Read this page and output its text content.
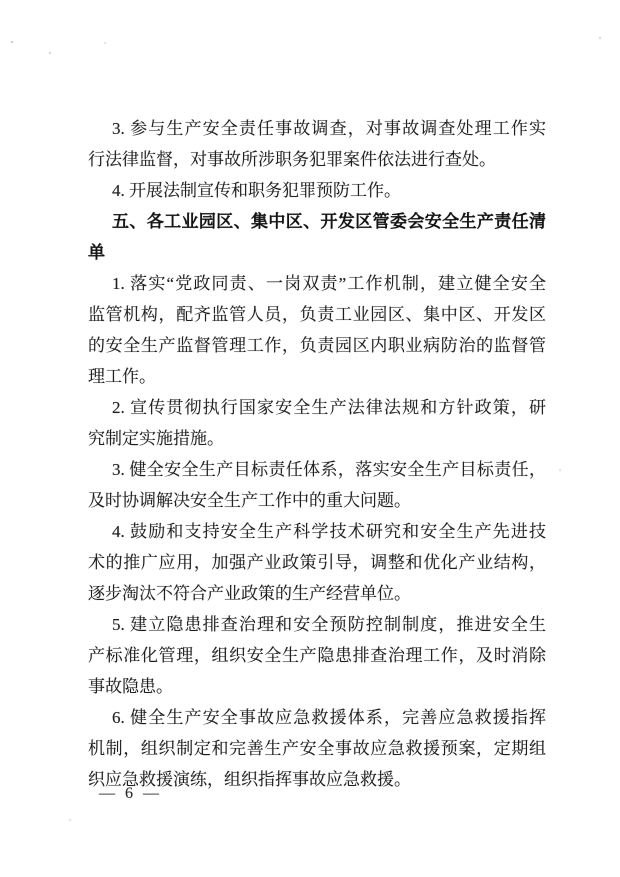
3. 参与生产安全责任事故调查，对事故调查处理工作实
行法律监督，对事故所涉职务犯罪案件依法进行查处。
4. 开展法制宣传和职务犯罪预防工作。
五、各工业园区、集中区、开发区管委会安全生产责任清
单
1. 落实“党政同责、一岗双责”工作机制，建立健全安全
监管机构，配齐监管人员，负责工业园区、集中区、开发区
的安全生产监督管理工作，负责园区内职业病防治的监督管
理工作。
2. 宣传贯彻执行国家安全生产法律法规和方针政策，研
究制定实施措施。
3. 健全安全生产目标责任体系，落实安全生产目标责任，
及时协调解决安全生产工作中的重大问题。
4. 鼓励和支持安全生产科学技术研究和安全生产先进技
术的推广应用，加强产业政策引导，调整和优化产业结构，
逐步淘汰不符合产业政策的生产经营单位。
5. 建立隐患排查治理和安全预防控制制度，推进安全生
产标准化管理，组织安全生产隐患排查治理工作，及时消除
事故隐患。
6. 健全生产安全事故应急救援体系，完善应急救援指挥
机制，组织制定和完善生产安全事故应急救援预案，定期组
织应急救援演练，组织指挥事故应急救援。
— 6 —
